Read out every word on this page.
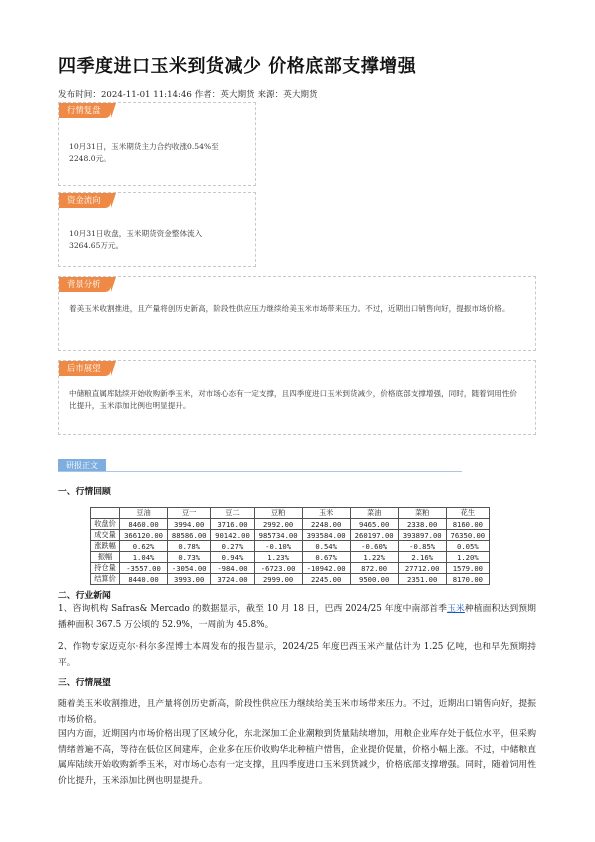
四季度进口玉米到货减少 价格底部支撑增强
发布时间：2024-11-01 11:14:46 作者：英大期货 来源：英大期货
行情复盘
10月31日，玉米期货主力合约收涨0.54%至2248.0元。
资金流向
10月31日收盘，玉米期货资金整体流入3264.65万元。
背景分析
着美玉米收割推进，且产量将创历史新高，阶段性供应压力继续给美玉米市场带来压力。不过，近期出口销售向好，提振市场价格。
后市展望
中储粮直属库陆续开始收购新季玉米，对市场心态有一定支撑，且四季度进口玉米到货减少，价格底部支撑增强，同时，随着饲用性价比提升，玉米添加比例也明显提升。
研报正文
一、行情回顾
	豆油	豆一	豆二	豆粕	玉米	菜油	菜粕	花生
收盘价	8460.00	3994.00	3716.00	2992.00	2248.00	9465.00	2338.00	8160.00
成交量	366120.00	88586.00	90142.00	985734.00	393584.00	260197.00	393897.00	76350.00
涨跌幅	0.62%	0.78%	0.27%	-0.10%	0.54%	-0.60%	-0.85%	0.05%
振幅	1.04%	0.73%	0.94%	1.23%	0.67%	1.22%	2.16%	1.20%
持仓量	-3557.00	-3054.00	-984.00	-6723.00	-10942.00	872.00	27712.00	1579.00
结算价	8440.00	3993.00	3724.00	2999.00	2245.00	9500.00	2351.00	8170.00
二、行业新闻
1、咨询机构 Safras& Mercado 的数据显示，截至 10 月 18 日，巴西 2024/25 年度中南部首季玉米种植面积达到预期播种面积 367.5 万公顷的 52.9%，一周前为 45.8%。
2、作物专家迈克尔·科尔多涅博士本周发布的报告显示，2024/25 年度巴西玉米产量估计为 1.25 亿吨，也和早先预期持平。
三、行情展望
随着美玉米收割推进，且产量将创历史新高，阶段性供应压力继续给美玉米市场带来压力。不过，近期出口销售向好，提振市场价格。
国内方面，近期国内市场价格出现了区域分化，东北深加工企业潮粮到货量陆续增加，用粮企业库存处于低位水平，但采购情绪普遍不高，等待在低位区间建库，企业多在压价收购华北种植户惜售，企业提价促量，价格小幅上涨。不过，中储粮直属库陆续开始收购新季玉米，对市场心态有一定支撑，且四季度进口玉米到货减少，价格底部支撑增强。同时，随着饲用性价比提升，玉米添加比例也明显提升。
